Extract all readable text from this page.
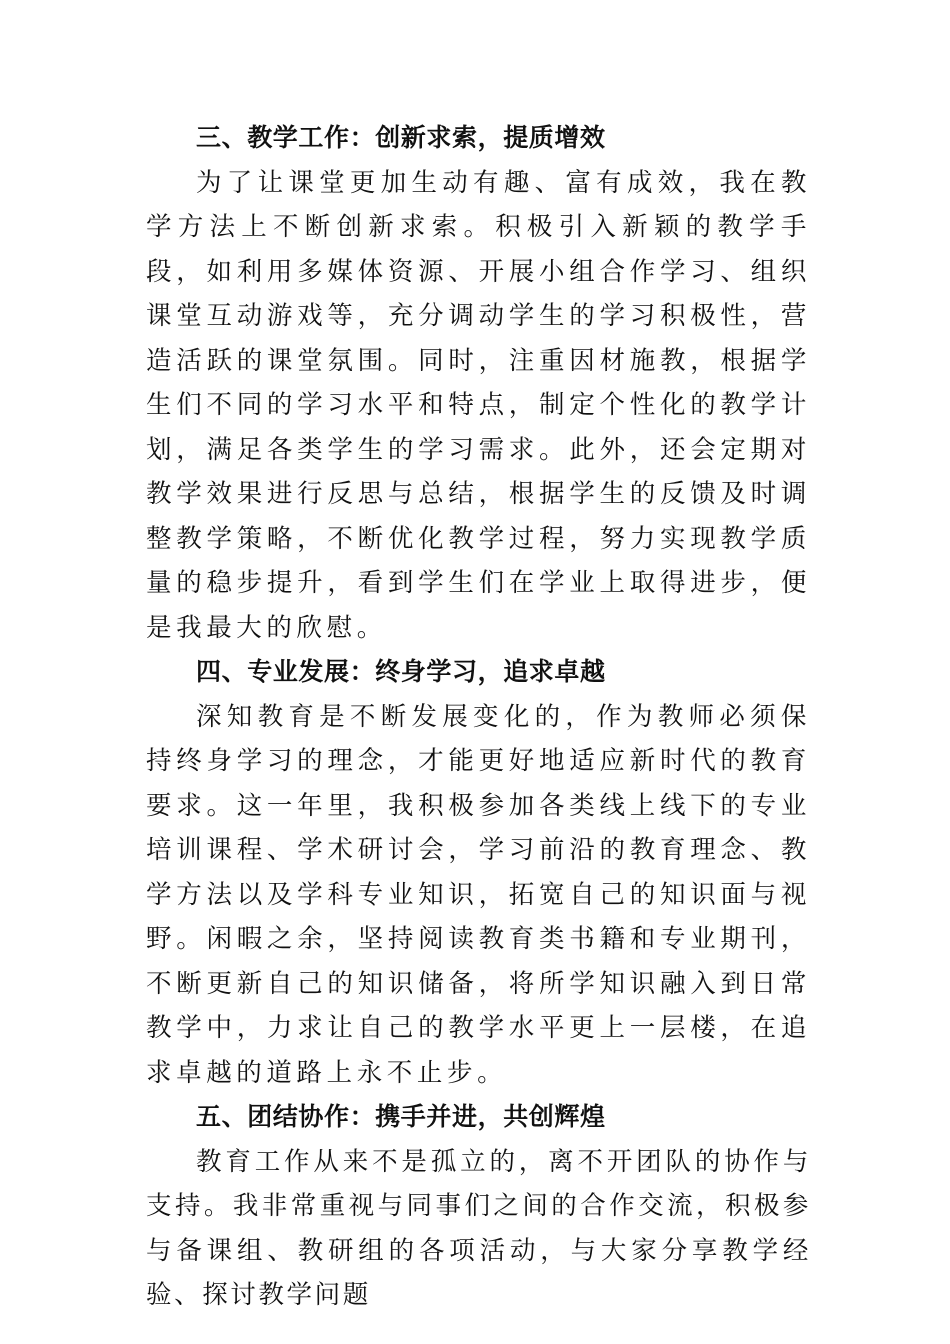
三、教学工作：创新求索，提质增效

为了让课堂更加生动有趣、富有成效，我在教学方法上不断创新求索。积极引入新颖的教学手段，如利用多媒体资源、开展小组合作学习、组织课堂互动游戏等，充分调动学生的学习积极性，营造活跃的课堂氛围。同时，注重因材施教，根据学生们不同的学习水平和特点，制定个性化的教学计划，满足各类学生的学习需求。此外，还会定期对教学效果进行反思与总结，根据学生的反馈及时调整教学策略，不断优化教学过程，努力实现教学质量的稳步提升，看到学生们在学业上取得进步，便是我最大的欣慰。

四、专业发展：终身学习，追求卓越

深知教育是不断发展变化的，作为教师必须保持终身学习的理念，才能更好地适应新时代的教育要求。这一年里，我积极参加各类线上线下的专业培训课程、学术研讨会，学习前沿的教育理念、教学方法以及学科专业知识，拓宽自己的知识面与视野。闲暇之余，坚持阅读教育类书籍和专业期刊，不断更新自己的知识储备，将所学知识融入到日常教学中，力求让自己的教学水平更上一层楼，在追求卓越的道路上永不止步。

五、团结协作：携手并进，共创辉煌

教育工作从来不是孤立的，离不开团队的协作与支持。我非常重视与同事们之间的合作交流，积极参与备课组、教研组的各项活动，与大家分享教学经验、探讨教学问题
